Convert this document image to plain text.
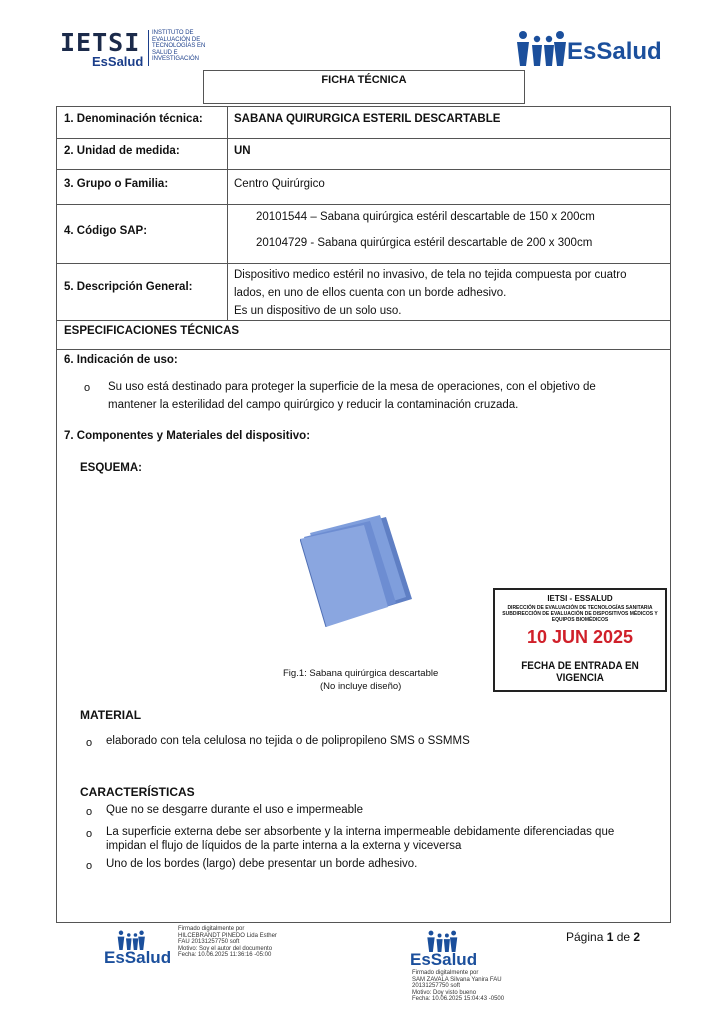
IETSI
EsSalud
INSTITUTO DE EVALUACIÓN DE TECNOLOGÍAS EN SALUD E INVESTIGACIÓN	EsSalud
FICHA TÉCNICA
1. Denominación técnica:	SABANA QUIRURGICA ESTERIL DESCARTABLE
2. Unidad de medida:	UN
3. Grupo o Familia:	Centro Quirúrgico
4. Código SAP:
20101544 – Sabana quirúrgica estéril descartable de 150 x 200cm
20104729 - Sabana quirúrgica estéril descartable de 200 x 300cm
5. Descripción General:
Dispositivo medico estéril no invasivo, de tela no tejida compuesta por cuatro
lados, en uno de ellos cuenta con un borde adhesivo.
Es un dispositivo de un solo uso.
ESPECIFICACIONES TÉCNICAS
6. Indicación de uso:
o Su uso está destinado para proteger la superficie de la mesa de operaciones, con el objetivo de
mantener la esterilidad del campo quirúrgico y reducir la contaminación cruzada.
7. Componentes y Materiales del dispositivo:
ESQUEMA:
Fig.1: Sabana quirúrgica descartable
(No incluye diseño)
IETSI - ESSALUD
DIRECCIÓN DE EVALUACIÓN DE TECNOLOGÍAS SANITARIA
SUBDIRECCIÓN DE EVALUACIÓN DE DISPOSITIVOS MÉDICOS Y EQUIPOS BIOMÉDICOS
10 JUN 2025
FECHA DE ENTRADA EN VIGENCIA
MATERIAL
o elaborado con tela celulosa no tejida o de polipropileno SMS o SSMMS
CARACTERÍSTICAS
o Que no se desgarre durante el uso e impermeable
o La superficie externa debe ser absorbente y la interna impermeable debidamente diferenciadas que
impidan el flujo de líquidos de la parte interna a la externa y viceversa
o Uno de los bordes (largo) debe presentar un borde adhesivo.
EsSalud
Firmado digitalmente por
HILCEBRANDT PINEDO Lida Esther
FAU 20131257750 soft
Motivo: Soy el autor del documento
Fecha: 10.06.2025 11:36:16 -05:00	EsSalud
Firmado digitalmente por
SAM ZAVALA Silvana Yanira FAU
20131257750 soft
Motivo: Doy visto bueno
Fecha: 10.06.2025 15:04:43 -0500
Página 1 de 2
